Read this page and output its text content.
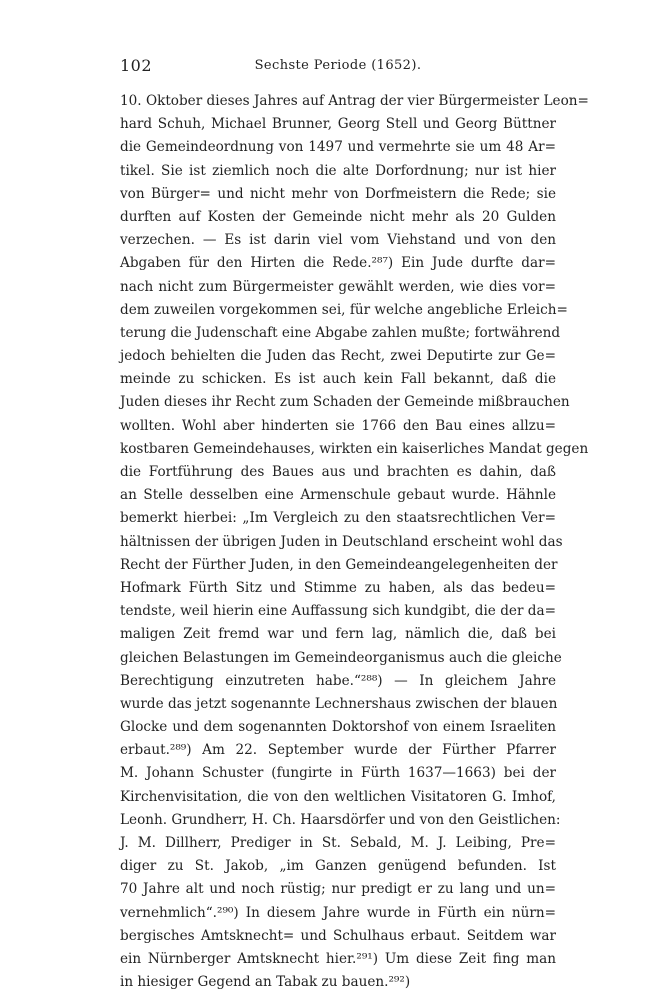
102	Sechste Periode (1652).
10. Oktober dieses Jahres auf Antrag der vier Bürgermeister Leon=
hard Schuh, Michael Brunner, Georg Stell und Georg Büttner
die Gemeindeordnung von 1497 und vermehrte sie um 48 Ar=
tikel. Sie ist ziemlich noch die alte Dorfordnung; nur ist hier
von Bürger= und nicht mehr von Dorfmeistern die Rede; sie
durften auf Kosten der Gemeinde nicht mehr als 20 Gulden
verzechen. — Es ist darin viel vom Viehstand und von den
Abgaben für den Hirten die Rede.²⁸⁷) Ein Jude durfte dar=
nach nicht zum Bürgermeister gewählt werden, wie dies vor=
dem zuweilen vorgekommen sei, für welche angebliche Erleich=
terung die Judenschaft eine Abgabe zahlen mußte; fortwährend
jedoch behielten die Juden das Recht, zwei Deputirte zur Ge=
meinde zu schicken. Es ist auch kein Fall bekannt, daß die
Juden dieses ihr Recht zum Schaden der Gemeinde mißbrauchen
wollten. Wohl aber hinderten sie 1766 den Bau eines allzu=
kostbaren Gemeindehauses, wirkten ein kaiserliches Mandat gegen
die Fortführung des Baues aus und brachten es dahin, daß
an Stelle desselben eine Armenschule gebaut wurde. Hähnle
bemerkt hierbei: „Im Vergleich zu den staatsrechtlichen Ver=
hältnissen der übrigen Juden in Deutschland erscheint wohl das
Recht der Fürther Juden, in den Gemeindeangelegenheiten der
Hofmark Fürth Sitz und Stimme zu haben, als das bedeu=
tendste, weil hierin eine Auffassung sich kundgibt, die der da=
maligen Zeit fremd war und fern lag, nämlich die, daß bei
gleichen Belastungen im Gemeindeorganismus auch die gleiche
Berechtigung einzutreten habe.“²⁸⁸) — In gleichem Jahre
wurde das jetzt sogenannte Lechnershaus zwischen der blauen
Glocke und dem sogenannten Doktorshof von einem Israeliten
erbaut.²⁸⁹) Am 22. September wurde der Fürther Pfarrer
M. Johann Schuster (fungirte in Fürth 1637—1663) bei der
Kirchenvisitation, die von den weltlichen Visitatoren G. Imhof,
Leonh. Grundherr, H. Ch. Haarsdörfer und von den Geistlichen:
J. M. Dillherr, Prediger in St. Sebald, M. J. Leibing, Pre=
diger zu St. Jakob, „im Ganzen genügend befunden. Ist
70 Jahre alt und noch rüstig; nur predigt er zu lang und un=
vernehmlich“.²⁹⁰) In diesem Jahre wurde in Fürth ein nürn=
bergisches Amtsknecht= und Schulhaus erbaut. Seitdem war
ein Nürnberger Amtsknecht hier.²⁹¹) Um diese Zeit fing man
in hiesiger Gegend an Tabak zu bauen.²⁹²)
